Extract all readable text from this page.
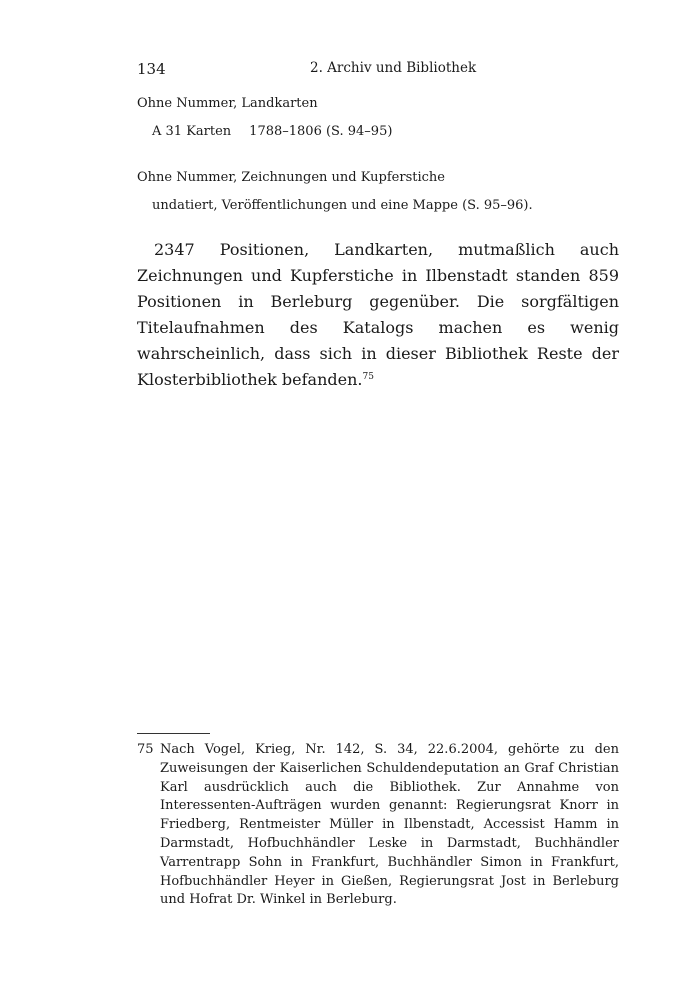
134	2. Archiv und Bibliothek
Ohne Nummer, Landkarten
A 31 Karten 1788–1806 (S. 94–95)
Ohne Nummer, Zeichnungen und Kupferstiche
undatiert, Veröffentlichungen und eine Mappe (S. 95–96).

2347 Positionen, Landkarten, mutmaßlich auch Zeichnungen und Kupferstiche in Ilbenstadt standen 859 Positionen in Berleburg gegenüber. Die sorgfältigen Titelaufnahmen des Katalogs machen es wenig wahrscheinlich, dass sich in dieser Bibliothek Reste der Klosterbibliothek befanden.$^{75}$

75 Nach Vogel, Krieg, Nr. 142, S. 34, 22.6.2004, gehörte zu den Zuweisungen der Kaiserlichen Schuldendeputation an Graf Christian Karl ausdrücklich auch die Bibliothek. Zur Annahme von Interessenten-Aufträgen wurden genannt: Regierungsrat Knorr in Friedberg, Rentmeister Müller in Ilbenstadt, Accessist Hamm in Darmstadt, Hofbuchhändler Leske in Darmstadt, Buchhändler Varrentrapp Sohn in Frankfurt, Buchhändler Simon in Frankfurt, Hofbuchhändler Heyer in Gießen, Regierungsrat Jost in Berleburg und Hofrat Dr. Winkel in Berleburg.
